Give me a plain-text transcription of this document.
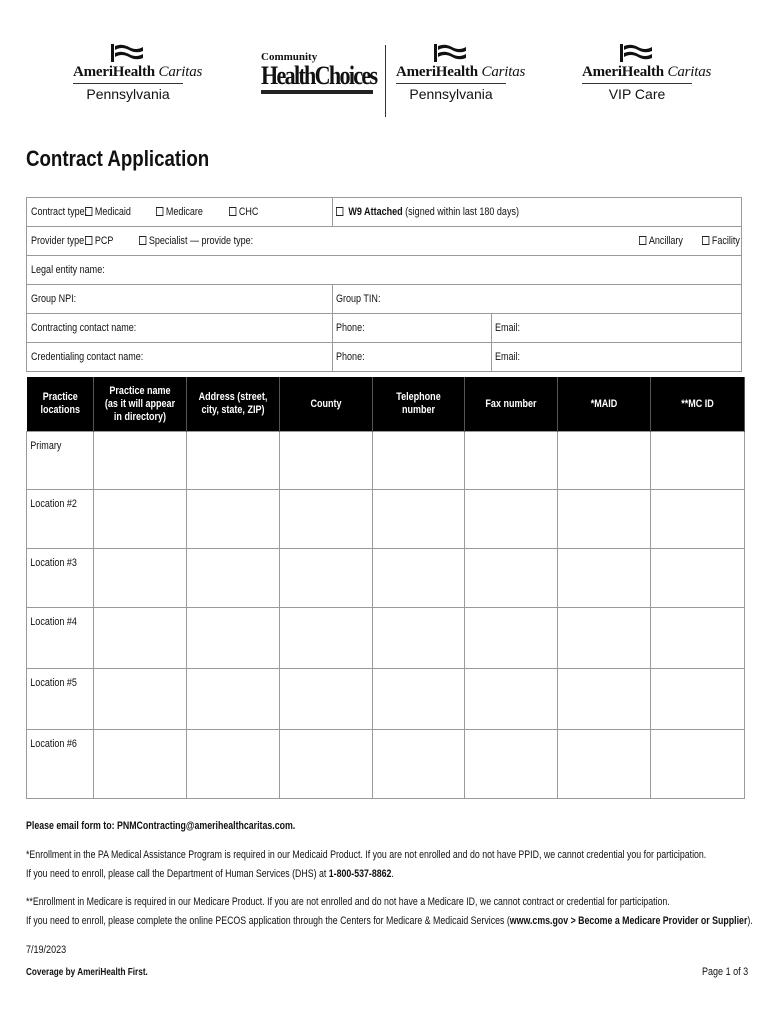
AmeriHealth Caritas
Pennsylvania
Community
HealthChoices AmeriHealth Caritas
Pennsylvania
AmeriHealth Caritas
VIP Care
Contract Application
Contract type: Medicaid	Medicare	CHC	W9 Attached (signed within last 180 days)
Provider type: PCP	Specialist — provide type:	Ancillary	Facility
Legal entity name:
Group NPI:	Group TIN:
Contracting contact name:	Phone:	Email:
Credentialing contact name:	Phone:	Email:
Practice locations	Practice name (as it will appear in directory)	Address (street, city, state, ZIP)	County	Telephone number	Fax number	*MAID	**MC ID

Primary							

Location #2							

Location #3							

Location #4							

Location #5							

Location #6							

Please email form to: PNMContracting@amerihealthcaritas.com.
*Enrollment in the PA Medical Assistance Program is required in our Medicaid Product. If you are not enrolled and do not have PPID, we cannot credential you for participation.
If you need to enroll, please call the Department of Human Services (DHS) at 1-800-537-8862.
**Enrollment in Medicare is required in our Medicare Product. If you are not enrolled and do not have a Medicare ID, we cannot contract or credential for participation.
If you need to enroll, please complete the online PECOS application through the Centers for Medicare & Medicaid Services (www.cms.gov > Become a Medicare Provider or Supplier).
7/19/2023
Coverage by AmeriHealth First.	Page 1 of 3
